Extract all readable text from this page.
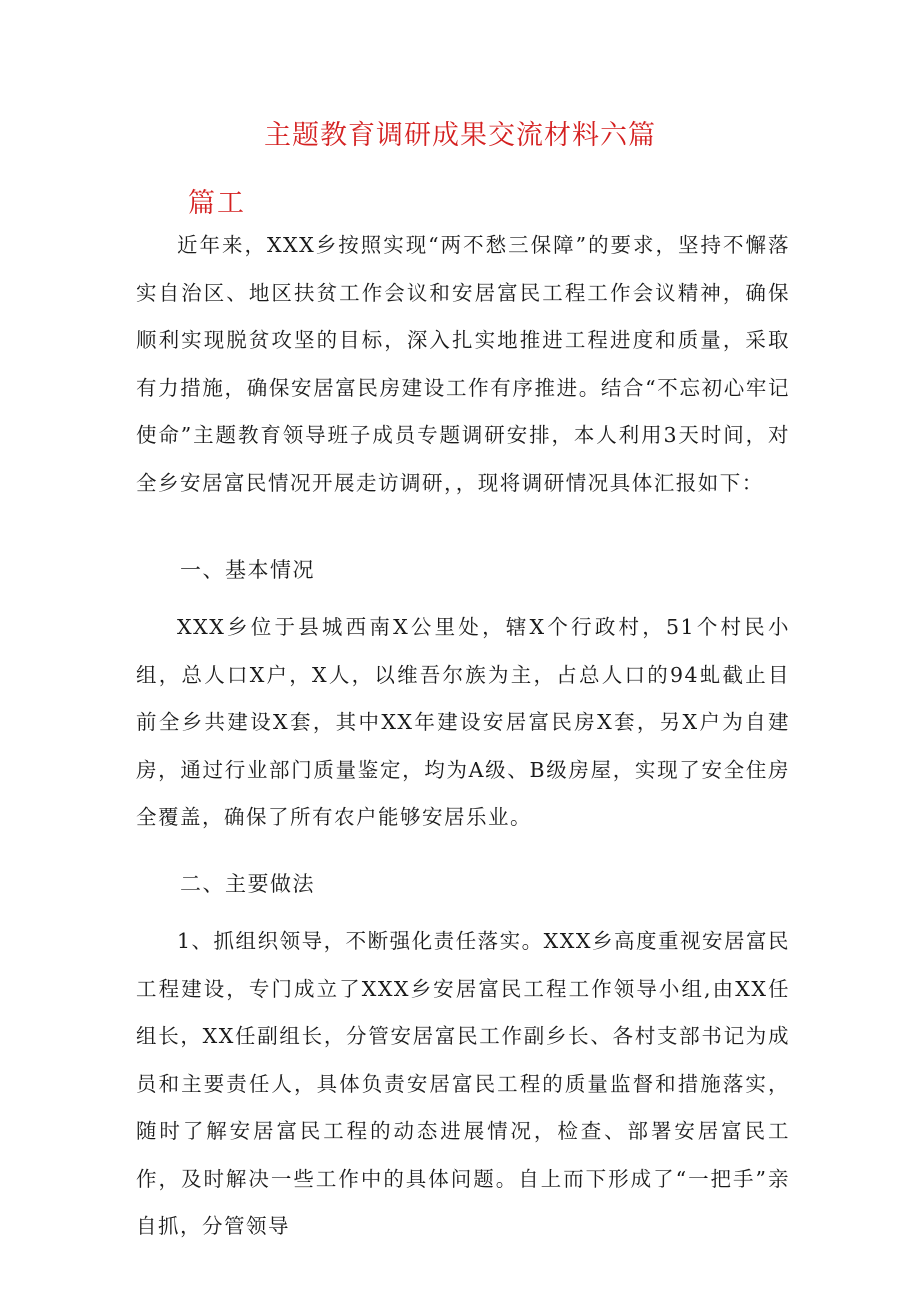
主题教育调研成果交流材料六篇
篇工

近年来，XXX乡按照实现“两不愁三保障”的要求，坚持不懈落实自治区、地区扶贫工作会议和安居富民工程工作会议精神，确保顺利实现脱贫攻坚的目标，深入扎实地推进工程进度和质量，采取有力措施，确保安居富民房建设工作有序推进。结合“不忘初心牢记使命”主题教育领导班子成员专题调研安排，本人利用3天时间，对全乡安居富民情况开展走访调研，，现将调研情况具体汇报如下：

一、基本情况

XXX乡位于县城西南X公里处，辖X个行政村，51个村民小组，总人口X户，X人，以维吾尔族为主，占总人口的94虬截止目前全乡共建设X套，其中XX年建设安居富民房X套，另X户为自建房，通过行业部门质量鉴定，均为A级、B级房屋，实现了安全住房全覆盖，确保了所有农户能够安居乐业。

二、主要做法

1、抓组织领导，不断强化责任落实。XXX乡高度重视安居富民工程建设，专门成立了XXX乡安居富民工程工作领导小组,由XX任组长，XX任副组长，分管安居富民工作副乡长、各村支部书记为成员和主要责任人，具体负责安居富民工程的质量监督和措施落实，随时了解安居富民工程的动态进展情况，检查、部署安居富民工作，及时解决一些工作中的具体问题。自上而下形成了“一把手”亲自抓，分管领导
